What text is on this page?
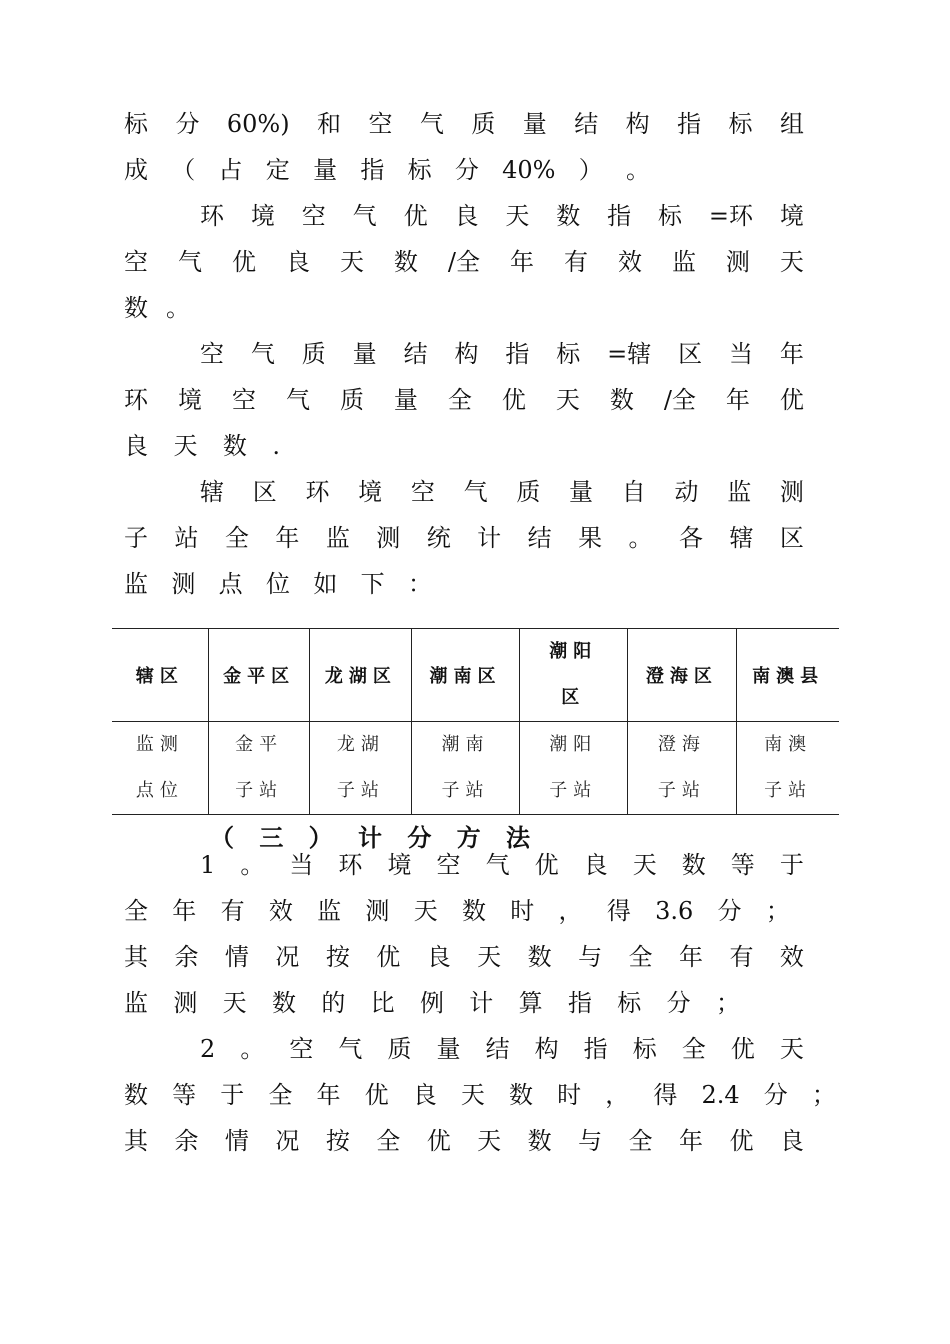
标 分 60%) 和 空 气 质 量 结 构 指 标 组
成 （ 占 定 量 指 标 分 40% ） 。
环 境 空 气 优 良 天 数 指 标 =环 境
空 气 优 良 天 数 /全 年 有 效 监 测 天
数 。
空 气 质 量 结 构 指 标 =辖 区 当 年
环 境 空 气 质 量 全 优 天 数 /全 年 优
良 天 数 .
辖 区 环 境 空 气 质 量 自 动 监 测
子 站 全 年 监 测 统 计 结 果 。 各 辖 区
监 测 点 位 如 下 ：
1 。 当 环 境 空 气 优 良 天 数 等 于
全 年 有 效 监 测 天 数 时 ， 得 3.6 分 ；
其 余 情 况 按 优 良 天 数 与 全 年 有 效
监 测 天 数 的 比 例 计 算 指 标 分 ；
2 。 空 气 质 量 结 构 指 标 全 优 天
数 等 于 全 年 优 良 天 数 时 ， 得 2.4 分 ；
其 余 情 况 按 全 优 天 数 与 全 年 优 良
（ 三 ） 计 分 方 法
辖区	金平区	龙湖区	潮南区	潮阳区	澄海区	南澳县
监测点位	金平子站	龙湖子站	潮南子站	潮阳子站	澄海子站	南澳子站
